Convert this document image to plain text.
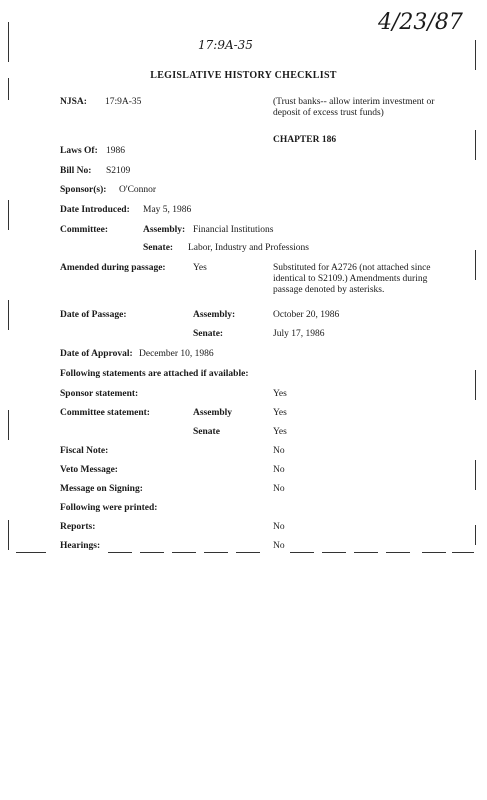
4/23/87
17:9A-35
LEGISLATIVE HISTORY CHECKLIST
NJSA: 17:9A-35	(Trust banks-- allow interim investment or deposit of excess trust funds)
CHAPTER 186
Laws Of: 1986
Bill No: S2109
Sponsor(s): O'Connor
Date Introduced: May 5, 1986
Committee:	Assembly: Financial Institutions
Senate: Labor, Industry and Professions
Amended during passage:	Yes	Substituted for A2726 (not attached since identical to S2109.) Amendments during passage denoted by asterisks.
Date of Passage:	Assembly:	October 20, 1986
Senate:	July 17, 1986
Date of Approval: December 10, 1986
Following statements are attached if available:
Sponsor statement:	Yes
Committee statement:	Assembly	Yes
Senate	Yes
Fiscal Note:	No
Veto Message:	No
Message on Signing:	No
Following were printed:
Reports:	No
Hearings:	No
